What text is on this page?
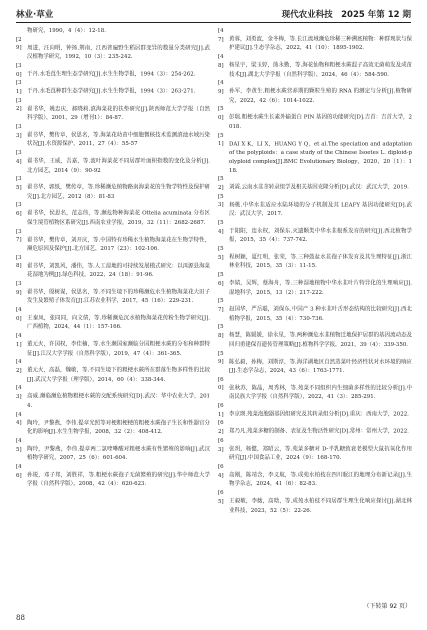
林业·草业	现代农业科技　2025 年第 12 期

物研究，1990，4（4）：12-18.

[29] 周进，汪向明，钟扬.荆南，江西普遍野生稻居群变异的数量分类研究[J].武汉植物学研究，1992，10（3）：235-242.

[30] 于丹.水毛茛生理生态学研究[J].水生生物学报，1994（3）：254-262.

[31] 于丹.水毛茛种群生态学研究[J].水生生物学报，1994（3）：263-271.

[32] 翟书华，姚忠庆，郝晓莉.滇海菜花的扶垫研究[J].陕西师范大学学报（自然科学版），2001，29（增刊1）：84-87.

[33] 翟书华，樊传章，侯思名，等.海菜花幼苗中细胞微核技术监测滇池水域污染状况[J].水资源保护，2011，27（4）：55-57

[34] 翟书华，王威，吾嘉，等.波叶海菜花不同居群叶面积指数的变化及分析[J].北方园艺，2014（9）：90-92

[35] 翟书华，郭纸，樊传章，等.珍稀濒危植物路南海菜花的生物学特性及保护研究[J].北方园艺，2012（8）：81-83

[36] 翟书华，侯思名，范志伟，等.濒危物种海菜花 Ottelia acuminata 分布区保生境管植物区系研究[J].西南农业学报，2019，32（11）：2682-2687.

[37] 翟书华，樊传章，刘开庆，等.中国特有珍稀水生植物海菜花在生物学特性，濒危原因及保护[J].北方园艺，2017（23）：102-106.

[38] 翟书华，刘凯风，潘伟，等.人工湿地的可持续发展模式研究：以洱源县海菜花湿地为例[J].绿色科技，2022，24（18）：91-96.

[39] 翟书华，殷树谋，侯思名，等.不同生境下的珍稀濒危水生植物海菜花大田子发生及繁殖子体发育[J].江苏农业科学，2017，45（16）：229-231.

[40] 王秦凤，张同同，向文倩，等.珍稀濒危沉水植物海菜花传粉生物学研究[J].广西植物，2024，44（1）：157-166.

[41] 董元火，许国权，李佳楠，等.水生濒国家濒临分国粗梗水蕨的分布和种群特征[J].江汉大学学报（自然科学版），2019，47（4）：361-365.

[42] 董元火，高磊，魏敏，等.不同生境下的粗梗水蕨所在群落生物多样性的比较[J].武汉大学学报（理学版），2014，60（4）：338-344.

[43] 高威.濒临濒危植物粗梗水蕨的交配系统研究[D].武汉：华中农业大学，2014.

[44] 陶玲，尹黎燕，李伟.提章光照等对梗粗梗梗的粗梗水蕨孢子生长和性器官分化的影响[J].水生生物学报，2008，32（2）：408-412.

[45] 陶玲，尹黎燕，李伟.提章两二氯喹啉酸对粗梗水蕨有性繁殖的影响[J].武汉植物学研究，2007，25（6）：601-604.

[46] 孙锐，邓子邦，刘胜祥，等.粗梗水蕨孢子无菌繁殖的研究[J].华中师范大学学报（自然科学版），2008，42（4）：620-623.

[47] 黄蓉，刘勇波，金冬梅，等.长江流域濒危珍稀三种溯底植物：种群现状与保护建议[J].生态学杂志，2022，41（10）：1895-1902.

[48] 杨星宇，梁玉婷，熊永勤，等.海花仙物和粗梗水蕨混子高效无菌萌发及成苗技术[J].湖北大学学报（自然科学版），2024，46（4）：584-590.

[49] 孙军，李黄生.粗梗水蕨营养期的颗粒生殖的 RNA 的测定与分析[J].植物研究，2022，42（6）：1014-1022.

[50] 彭瑞.粗梗水蕨生长素外输蛋白 PIN 基因的功能研究[D].吉首：吉首大学，2018.

[51] DAI X K，LI X，HUANG Y Q，et al.The speciation and adaptation of the polyploids：a case study of the Chinese Isoetes L. diploid-polyploid complex[J].BMC Evolutionary Biology，2020，20（1）：118.

[52] 刘霖.云南水韭茎转录组学及相关基因克隆分析[D].武汉：武汉大学，2019.

[53] 杨桃.中华水韭适应水陆环境的分子机制及其 LEAFY 基因功能研究[D].武汉：武汉大学，2017.

[54] 于阳阳，连永权，刘保东.灭遗颗类中华水韭根系发育的研究[J].西北植物学报，2015，35（4）：737-742.

[55] 程树颖，夏红明，张荣，等.三种鼓盆水韭孢子体发育及其生理特征[J].浙江林业科技，2015，35（3）：11-15.

[56] 李婧，吴辉，蔡海舟，等.三种湿地植物中华水韭叶片特异化的生理响应[J].湿地科学，2015，13（2）：217-222.

[57] 赵国华，严岳聪，刘保东.中国产 3 种水韭叶舌形态结构的比较研究[J].西北植物学报，2015，35（4）：730-736.

[58] 杨慧，陈媛媛，徐永星，等.两种濒危水韭植物迁地保护居群的基因流动态及回归重建保育遗传管理策略[J].植物科学学报，2021，39（4）：339-350.

[59] 陈弘毅，孙梅，刘斯淳，等.海洋湖地区自然蒸菜叶经济性状对水环境的响应[J].生态学杂志，2024，43（6）：1763-1771.

[60] 张秋苏，陈晶，周秀林，等.苑菜不同组织内生细菌多样性的比较分析[J].中南民族大学学报（自然科学版），2022，41（3）：285-291.

[61] 李京瑛.苑菜泡胞器基因组研究及其转录组分析[D].重庆：西南大学，2022.

[62] 郑乃凡.苑菜多糖的制备、表征及生物活性研究[D].常州：常州大学，2022.

[63] 张玥，杨健，郑昭云，等.苑菜多糖对 D-半乳糖致衰老模型大鼠抗氧化作用研究[J].中国食品工业，2024（9）：168-170.

[64] 高刚，陈靖含，李义航，等.成苑水柏枝在四川眠江的地理分布新记录[J].生物学杂志，2024，41（6）：82-83.

[65] 王毅敏，李薇，高晗，等.成苑水柏枝不同居群生理生化响应探讨[J].湖北林业科技，2023，52（5）：22-26.

（下转第 92 页）
88
